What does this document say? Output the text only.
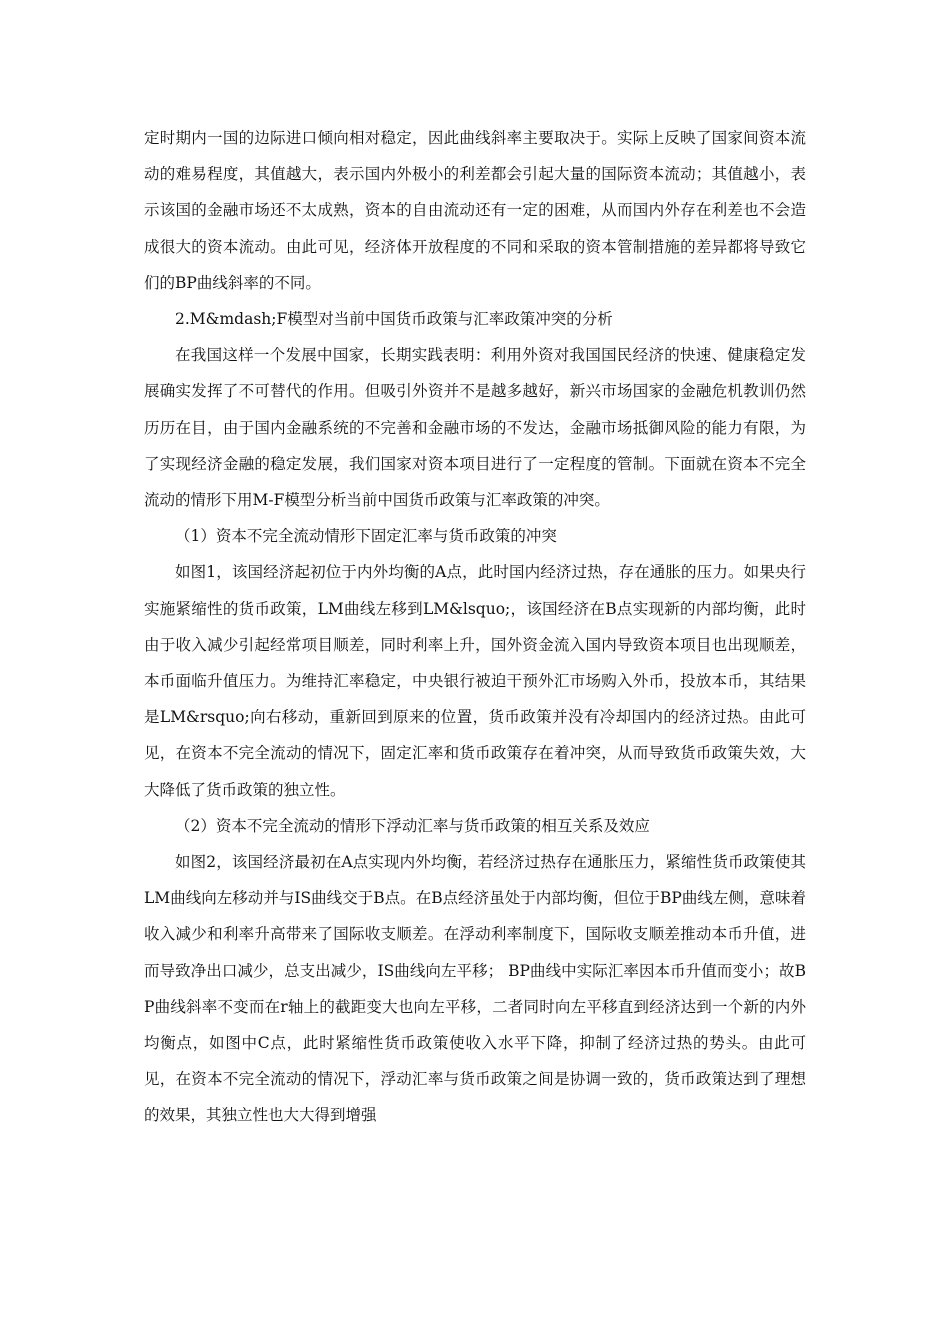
定时期内一国的边际进口倾向相对稳定，因此曲线斜率主要取决于。实际上反映了国家间资本流动的难易程度，其值越大，表示国内外极小的利差都会引起大量的国际资本流动；其值越小，表示该国的金融市场还不太成熟，资本的自由流动还有一定的困难，从而国内外存在利差也不会造成很大的资本流动。由此可见，经济体开放程度的不同和采取的资本管制措施的差异都将导致它们的BP曲线斜率的不同。

2.M&mdash;F模型对当前中国货币政策与汇率政策冲突的分析

在我国这样一个发展中国家，长期实践表明：利用外资对我国国民经济的快速、健康稳定发展确实发挥了不可替代的作用。但吸引外资并不是越多越好，新兴市场国家的金融危机教训仍然历历在目，由于国内金融系统的不完善和金融市场的不发达，金融市场抵御风险的能力有限，为了实现经济金融的稳定发展，我们国家对资本项目进行了一定程度的管制。下面就在资本不完全流动的情形下用M-F模型分析当前中国货币政策与汇率政策的冲突。

（1）资本不完全流动情形下固定汇率与货币政策的冲突

如图1，该国经济起初位于内外均衡的A点，此时国内经济过热，存在通胀的压力。如果央行实施紧缩性的货币政策，LM曲线左移到LM&lsquo;，该国经济在B点实现新的内部均衡，此时由于收入减少引起经常项目顺差，同时利率上升，国外资金流入国内导致资本项目也出现顺差，本币面临升值压力。为维持汇率稳定，中央银行被迫干预外汇市场购入外币，投放本币，其结果是LM&rsquo;向右移动，重新回到原来的位置，货币政策并没有冷却国内的经济过热。由此可见，在资本不完全流动的情况下，固定汇率和货币政策存在着冲突，从而导致货币政策失效，大大降低了货币政策的独立性。

（2）资本不完全流动的情形下浮动汇率与货币政策的相互关系及效应

如图2，该国经济最初在A点实现内外均衡，若经济过热存在通胀压力，紧缩性货币政策使其LM曲线向左移动并与IS曲线交于B点。在B点经济虽处于内部均衡，但位于BP曲线左侧，意味着收入减少和利率升高带来了国际收支顺差。在浮动利率制度下，国际收支顺差推动本币升值，进而导致净出口减少，总支出减少，IS曲线向左平移； BP曲线中实际汇率因本币升值而变小；故BP曲线斜率不变而在r轴上的截距变大也向左平移，二者同时向左平移直到经济达到一个新的内外均衡点，如图中C点，此时紧缩性货币政策使收入水平下降，抑制了经济过热的势头。由此可见，在资本不完全流动的情况下，浮动汇率与货币政策之间是协调一致的，货币政策达到了理想的效果，其独立性也大大得到增强
